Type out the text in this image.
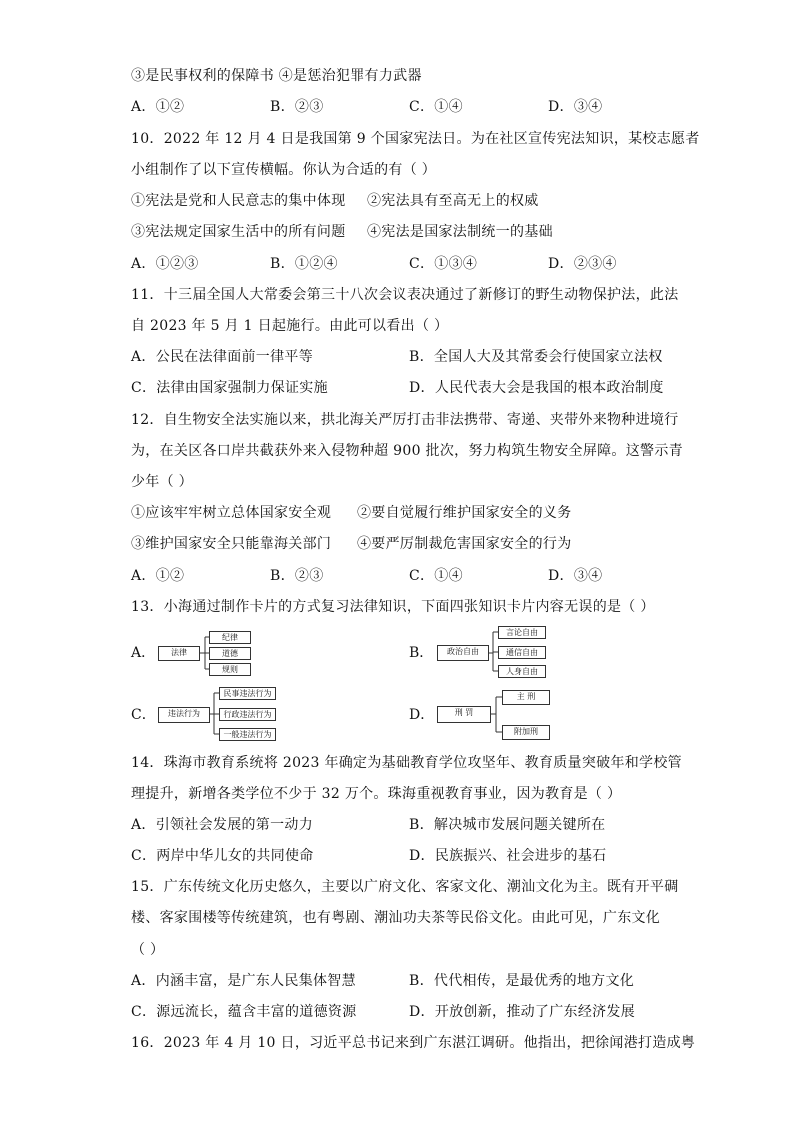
③是民事权利的保障书 ④是惩治犯罪有力武器
A．①②	B．②③	C．①④	D．③④
10．2022 年 12 月 4 日是我国第 9 个国家宪法日。为在社区宣传宪法知识，某校志愿者
小组制作了以下宣传横幅。你认为合适的有（ ）
①宪法是党和人民意志的集中体现 ②宪法具有至高无上的权威
③宪法规定国家生活中的所有问题 ④宪法是国家法制统一的基础
A．①②③	B．①②④	C．①③④	D．②③④
11．十三届全国人大常委会第三十八次会议表决通过了新修订的野生动物保护法，此法
自 2023 年 5 月 1 日起施行。由此可以看出（ ）
A．公民在法律面前一律平等	B．全国人大及其常委会行使国家立法权
C．法律由国家强制力保证实施	D．人民代表大会是我国的根本政治制度
12．自生物安全法实施以来，拱北海关严厉打击非法携带、寄递、夹带外来物种进境行
为，在关区各口岸共截获外来入侵物种超 900 批次，努力构筑生物安全屏障。这警示青
少年（ ）
①应该牢牢树立总体国家安全观 ②要自觉履行维护国家安全的义务
③维护国家安全只能靠海关部门 ④要严厉制裁危害国家安全的行为
A．①②	B．②③	C．①④	D．③④
13．小海通过制作卡片的方式复习法律知识，下面四张知识卡片内容无误的是（ ）
A．	法律
纪律
道德
规则
B．	政治自由
言论自由
通信自由
人身自由
C．	违法行为
民事违法行为
行政违法行为
一般违法行为
D．	刑 罚
主 刑
附加刑
14．珠海市教育系统将 2023 年确定为基础教育学位攻坚年、教育质量突破年和学校管
理提升，新增各类学位不少于 32 万个。珠海重视教育事业，因为教育是（ ）
A．引领社会发展的第一动力	B．解决城市发展问题关键所在
C．两岸中华儿女的共同使命	D．民族振兴、社会进步的基石
15．广东传统文化历史悠久，主要以广府文化、客家文化、潮汕文化为主。既有开平碉
楼、客家围楼等传统建筑，也有粤剧、潮汕功夫茶等民俗文化。由此可见，广东文化
（ ）
A．内涵丰富，是广东人民集体智慧	B．代代相传，是最优秀的地方文化
C．源远流长，蕴含丰富的道德资源	D．开放创新，推动了广东经济发展
16．2023 年 4 月 10 日，习近平总书记来到广东湛江调研。他指出，把徐闻港打造成粤
